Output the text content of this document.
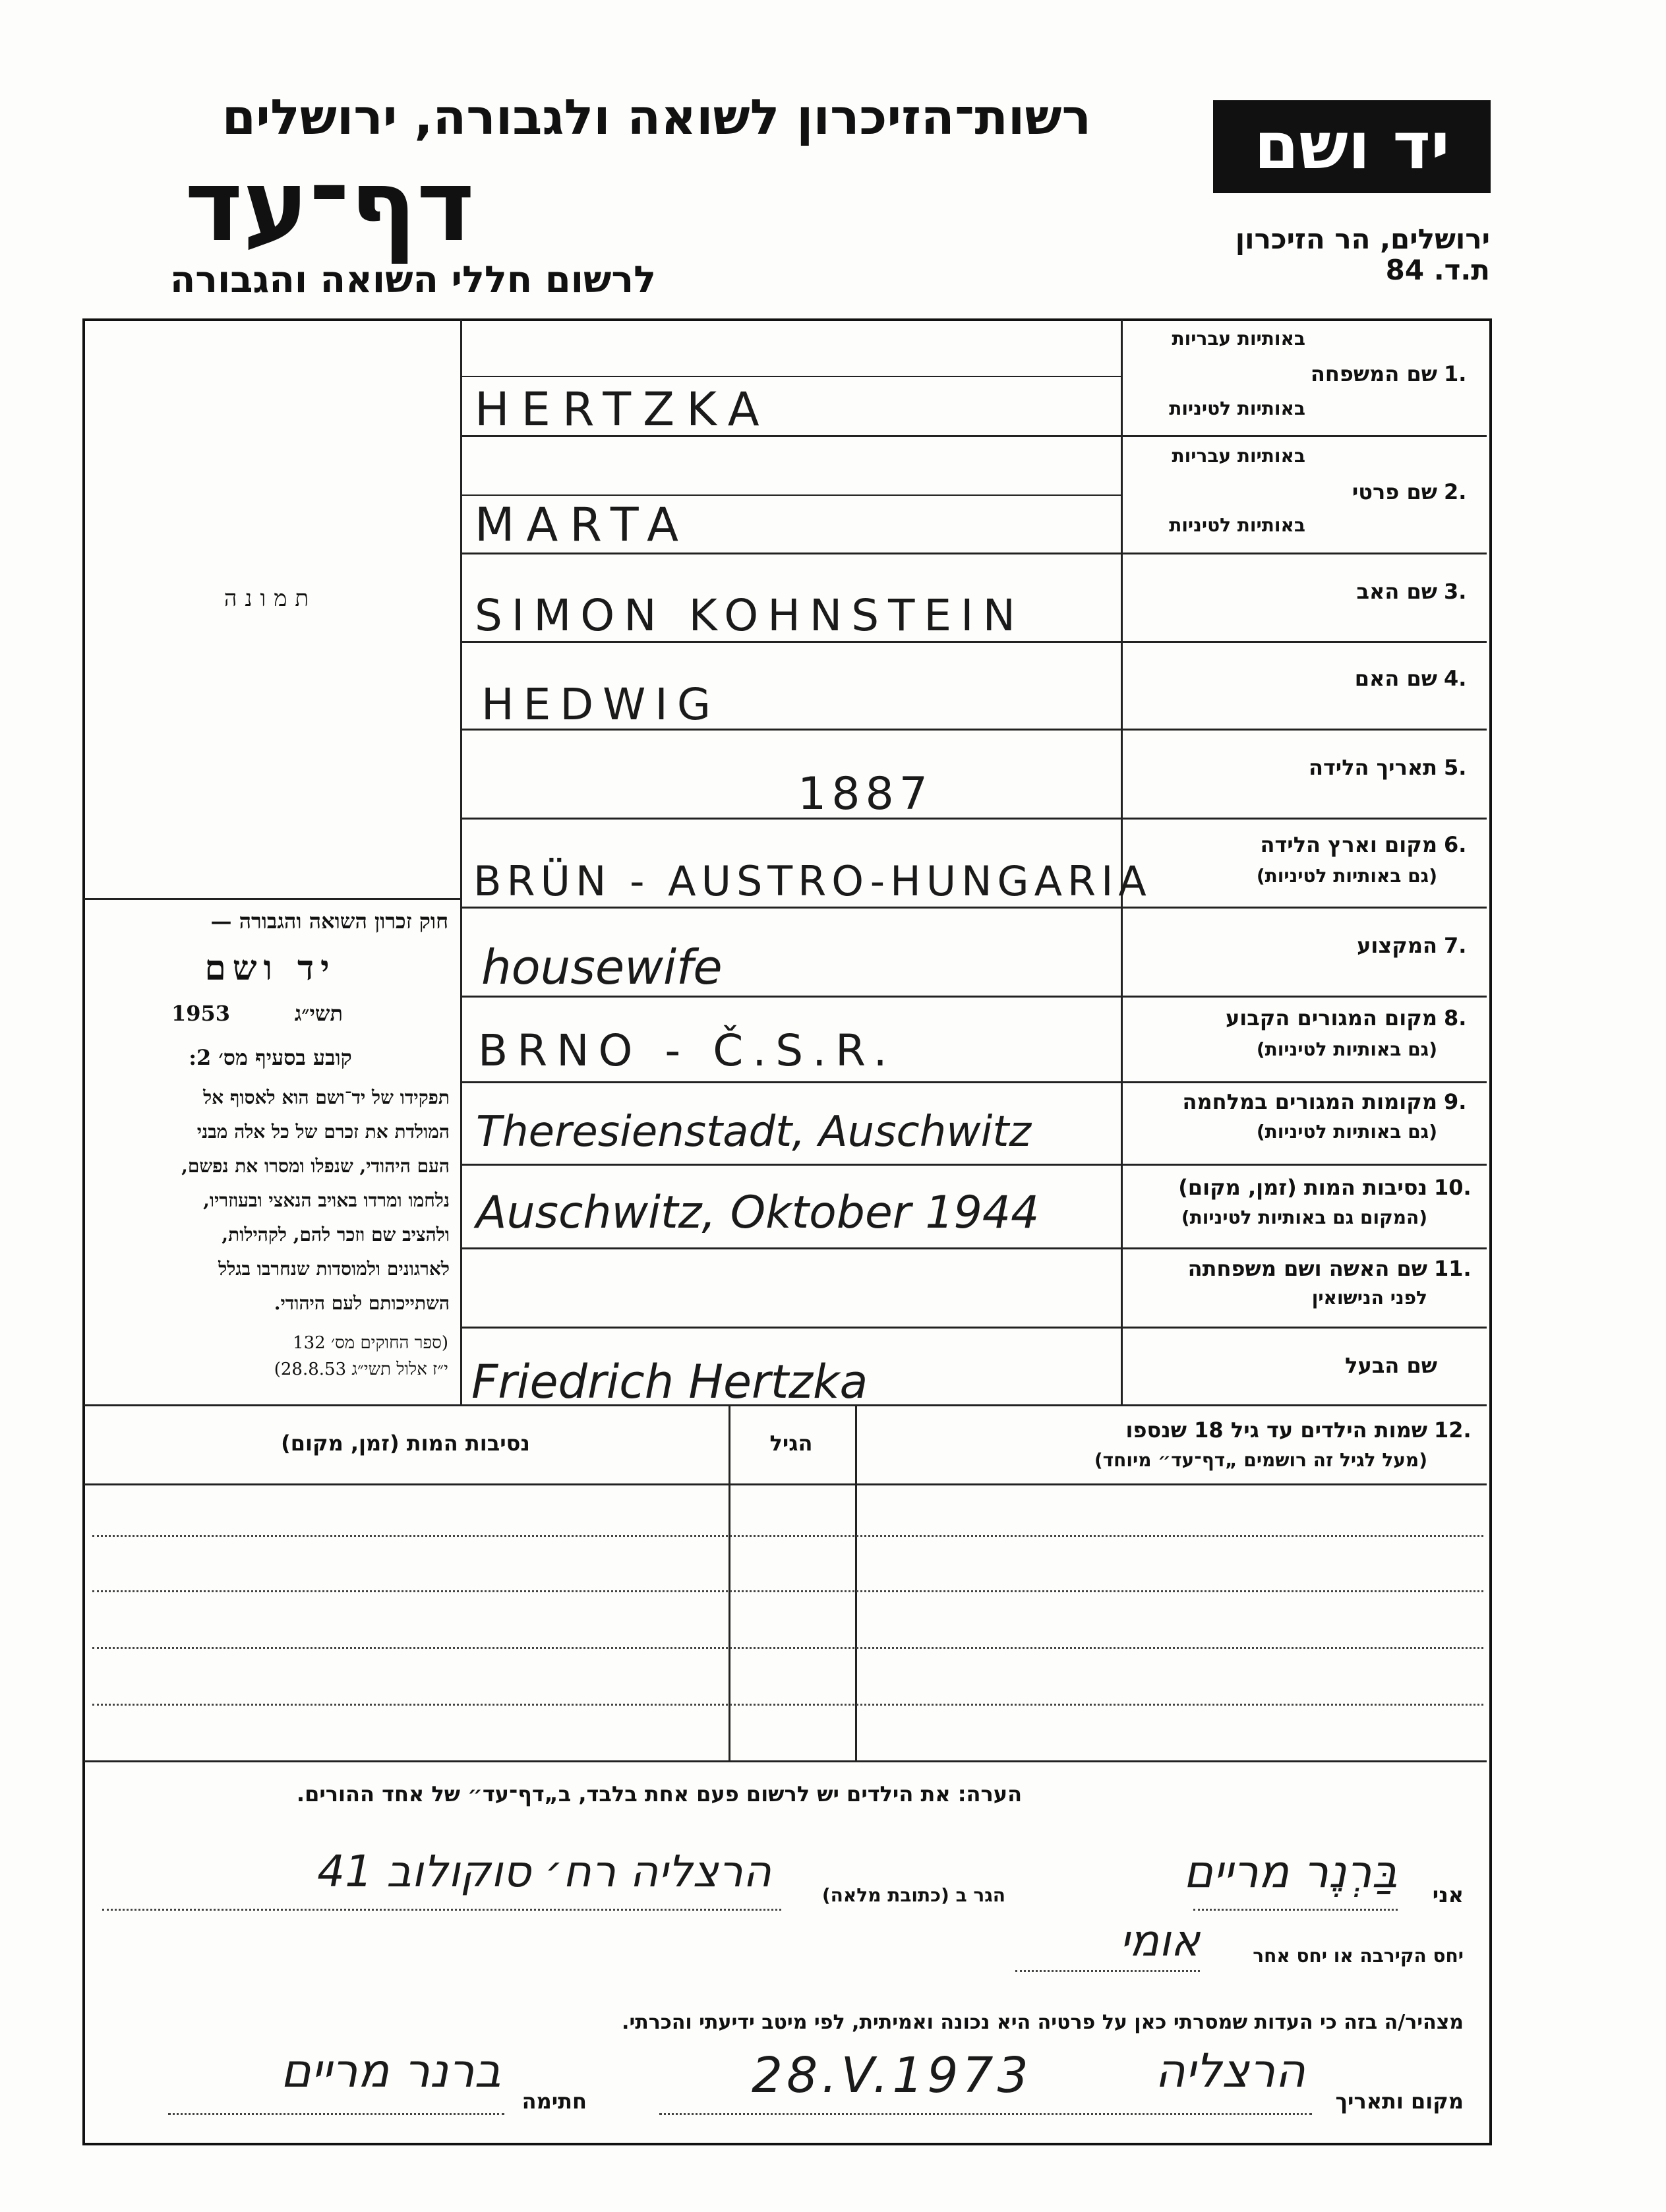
רשות־הזיכרון לשואה ולגבורה, ירושלים
דף־עד
לרשום חללי השואה והגבורה
יד ושם
ירושלים, הר הזיכרון
ת.ד. 84
תמונה
חוק זכרון השואה והגבורה —
יד ושם
תשי״ג
1953
קובע בסעיף מס׳ 2:
תפקידו של יד־ושם הוא לאסוף אל
המולדת את זכרם של כל אלה מבני
העם היהודי, שנפלו ומסרו את נפשם,
נלחמו ומרדו באויב הנאצי ובעוזריו,
ולהציב שם וזכר להם, לקהילות,
לארגונים ולמוסדות שנחרבו בגלל
השתייכותם לעם היהודי.
(ספר החוקים מס׳ 132
י״ז אלול תשי״ג 28.8.53)
באותיות עבריות
1.
שם המשפחה
באותיות לטיניות
HERTZKA
באותיות עבריות
2.
שם פרטי
באותיות לטיניות
MARTA
3.
שם האב
SIMON KOHNSTEIN
4.
שם האם
HEDWIG
5.
תאריך הלידה
1887
6.
מקום וארץ הלידה
(גם באותיות לטיניות)
BRÜN - AUSTRO-HUNGARIA
7.
המקצוע
housewife
8.
מקום המגורים הקבוע
(גם באותיות לטיניות)
BRNO - Č.S.R.
9.
מקומות המגורים במלחמה
(גם באותיות לטיניות)
Theresienstadt, Auschwitz
10.
נסיבות המות (זמן, מקום)
(המקום גם באותיות לטיניות)
Auschwitz, Oktober 1944
11.
שם האשה ושם משפחתה
לפני הנישואין
שם הבעל
Friedrich Hertzka
12.
שמות הילדים עד גיל 18 שנספו
(מעל לגיל זה רושמים „דף־עד״ מיוחד)
הגיל
נסיבות המות (זמן, מקום)
הערה: את הילדים יש לרשום פעם אחת בלבד, ב„דף־עד״ של אחד ההורים.
אני
בַּרְנֶר מריים
הגר ב (כתובת מלאה)
הרצליה רח׳ סוקולוב 41
יחס הקירבה או יחס אחר
אומי
מצהיר/ה בזה כי העדות שמסרתי כאן על פרטיה היא נכונה ואמיתית, לפי מיטב ידיעתי והכרתי.
מקום ותאריך
הרצליה
28.V.1973
חתימה
ברנר מריים
